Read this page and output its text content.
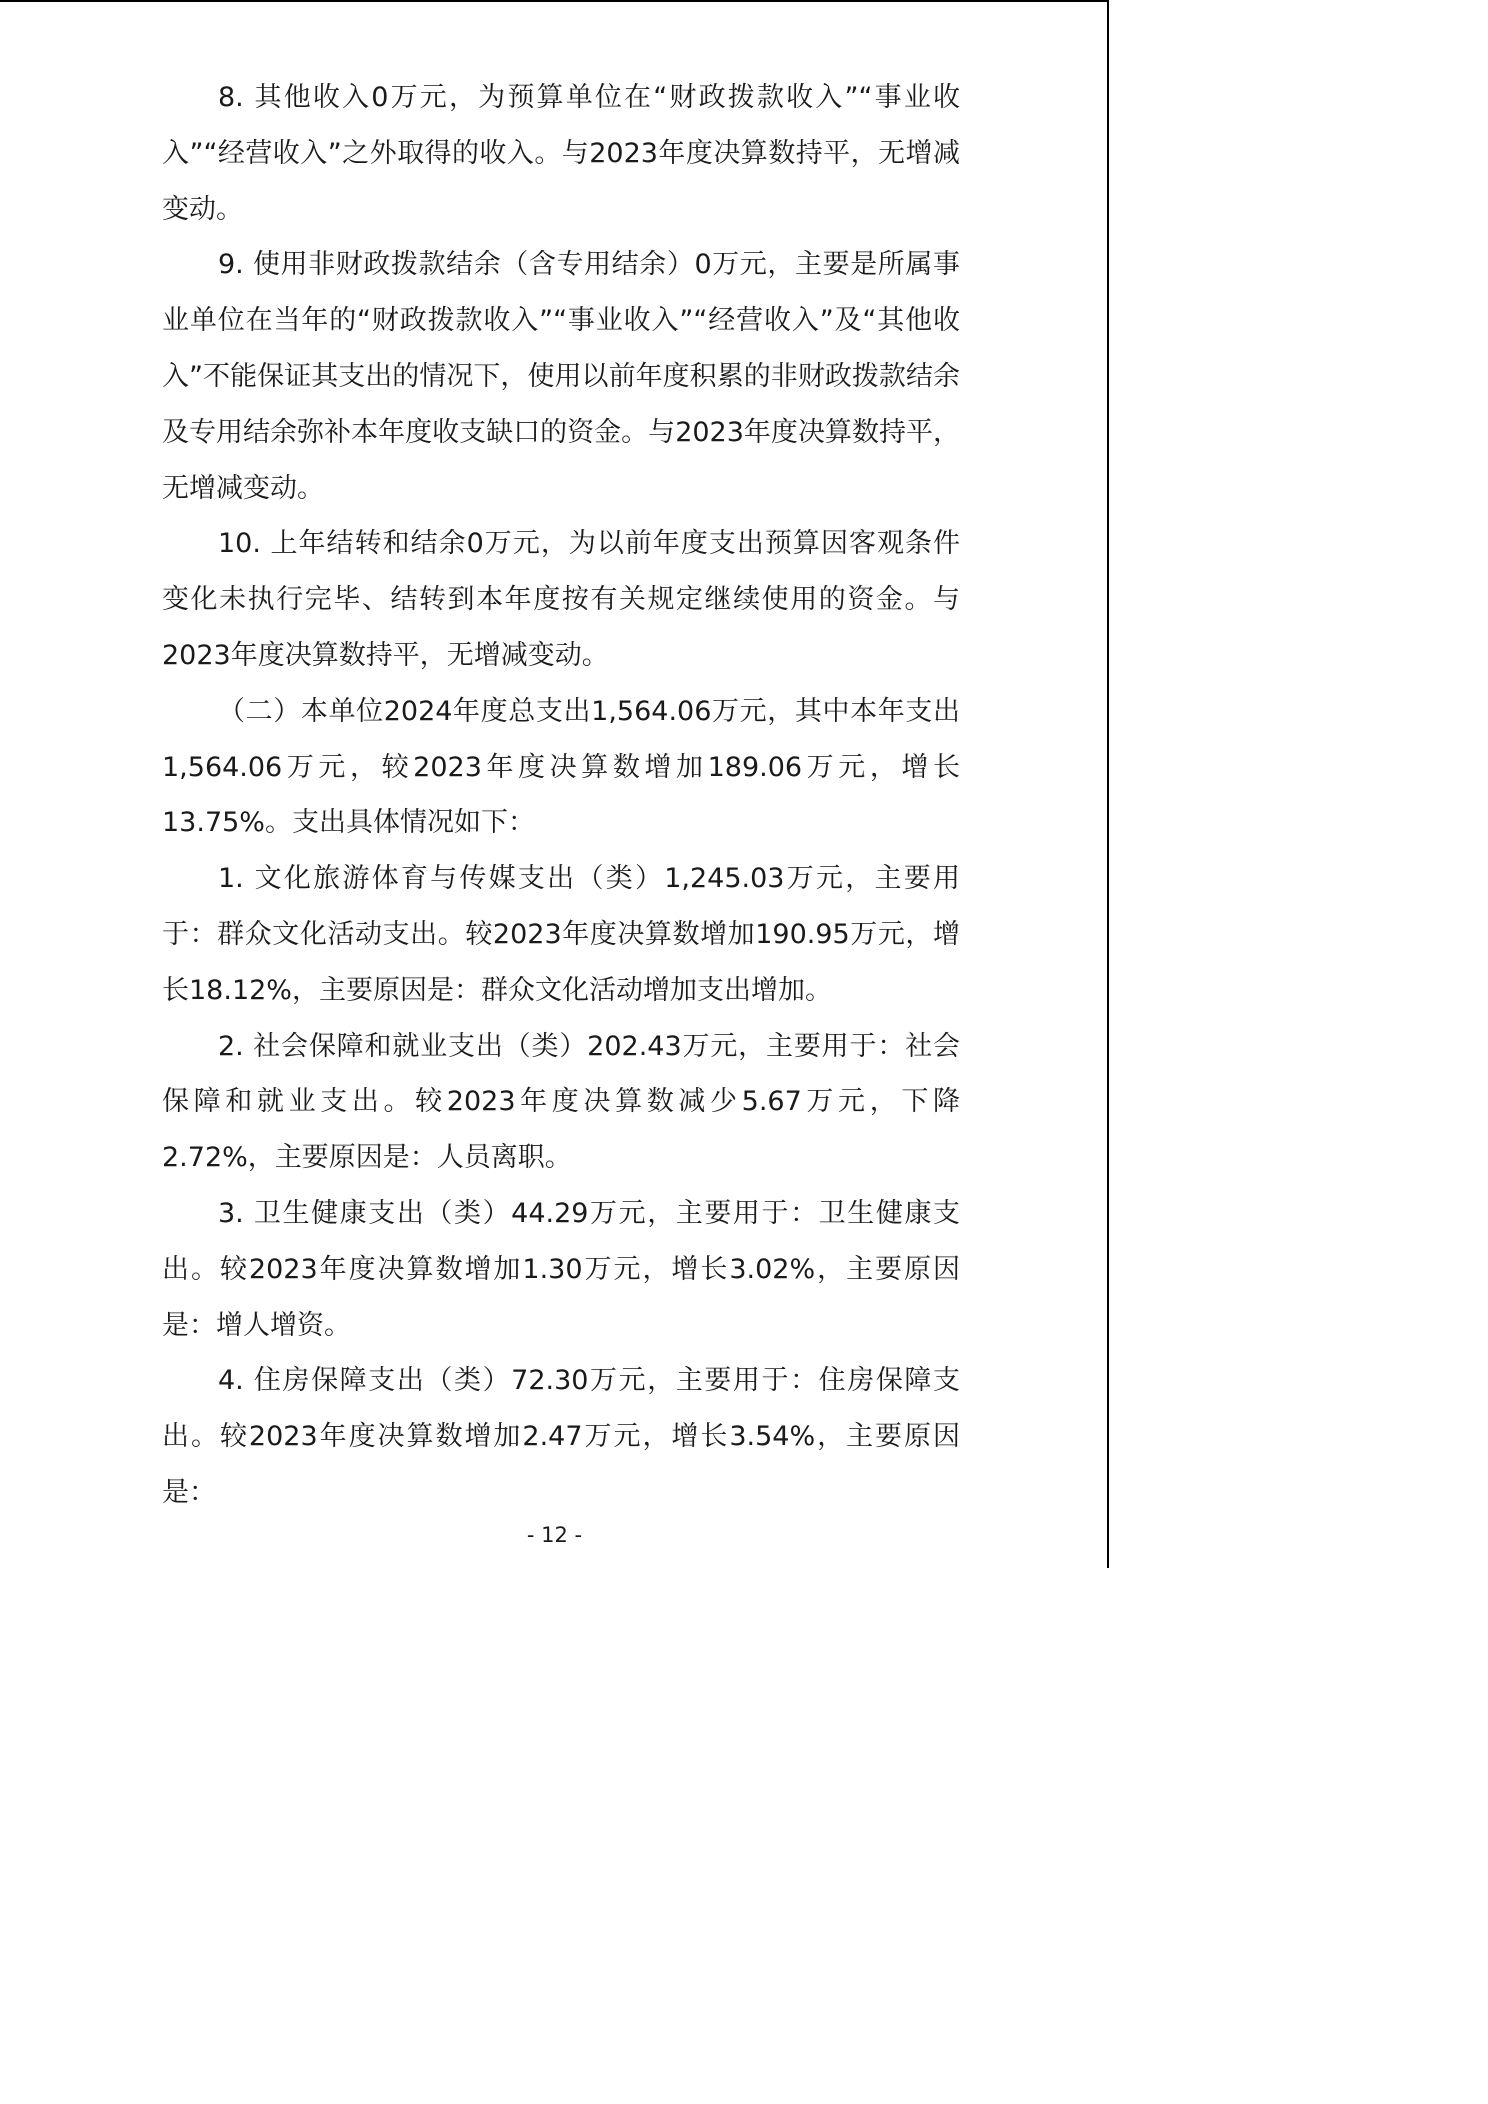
8. 其他收入0万元，为预算单位在“财政拨款收入”“事业收入”“经营收入”之外取得的收入。与2023年度决算数持平，无增减变动。

9. 使用非财政拨款结余（含专用结余）0万元，主要是所属事业单位在当年的“财政拨款收入”“事业收入”“经营收入”及“其他收入”不能保证其支出的情况下，使用以前年度积累的非财政拨款结余及专用结余弥补本年度收支缺口的资金。与2023年度决算数持平，无增减变动。

10. 上年结转和结余0万元，为以前年度支出预算因客观条件变化未执行完毕、结转到本年度按有关规定继续使用的资金。与2023年度决算数持平，无增减变动。

（二）本单位2024年度总支出1,564.06万元，其中本年支出1,564.06万元，较2023年度决算数增加189.06万元，增长13.75%。支出具体情况如下：

1. 文化旅游体育与传媒支出（类）1,245.03万元，主要用于：群众文化活动支出。较2023年度决算数增加190.95万元，增长18.12%，主要原因是：群众文化活动增加支出增加。

2. 社会保障和就业支出（类）202.43万元，主要用于：社会保障和就业支出。较2023年度决算数减少5.67万元，下降2.72%，主要原因是：人员离职。

3. 卫生健康支出（类）44.29万元，主要用于：卫生健康支出。较2023年度决算数增加1.30万元，增长3.02%，主要原因是：增人增资。

4. 住房保障支出（类）72.30万元，主要用于：住房保障支出。较2023年度决算数增加2.47万元，增长3.54%，主要原因是：

- 12 -
